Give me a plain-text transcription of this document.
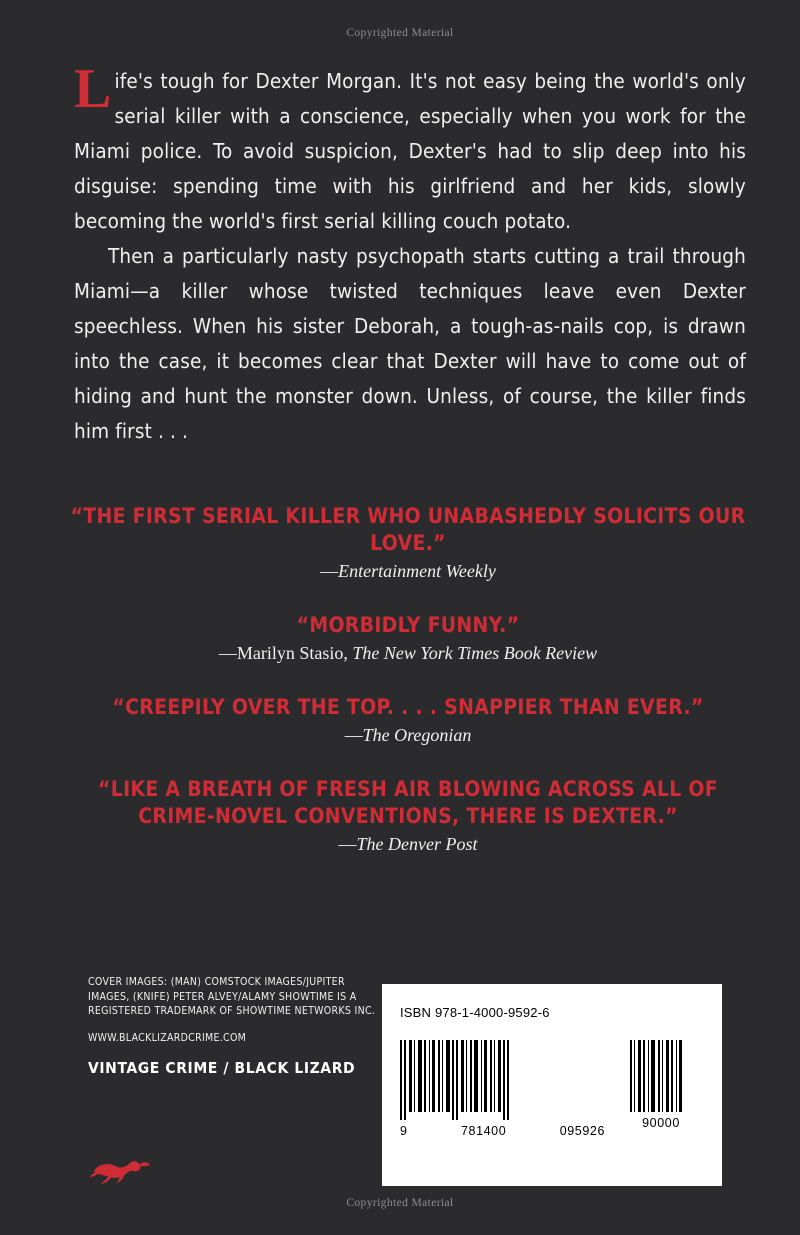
Copyrighted Material

Life's tough for Dexter Morgan. It's not easy being the world's only serial killer with a conscience, especially when you work for the Miami police. To avoid suspicion, Dexter's had to slip deep into his disguise: spending time with his girlfriend and her kids, slowly becoming the world's first serial killing couch potato.

Then a particularly nasty psychopath starts cutting a trail through Miami—a killer whose twisted techniques leave even Dexter speechless. When his sister Deborah, a tough-as-nails cop, is drawn into the case, it becomes clear that Dexter will have to come out of hiding and hunt the monster down. Unless, of course, the killer finds him first . . .

“THE FIRST SERIAL KILLER WHO UNABASHEDLY SOLICITS OUR LOVE.”

—Entertainment Weekly

“MORBIDLY FUNNY.”

—Marilyn Stasio, The New York Times Book Review

“CREEPILY OVER THE TOP. . . . SNAPPIER THAN EVER.”

—The Oregonian

“LIKE A BREATH OF FRESH AIR BLOWING ACROSS ALL OF CRIME-NOVEL CONVENTIONS, THERE IS DEXTER.”

—The Denver Post

COVER IMAGES: (MAN) COMSTOCK IMAGES/JUPITER IMAGES, (KNIFE) PETER ALVEY/ALAMY SHOWTIME IS A REGISTERED TRADEMARK OF SHOWTIME NETWORKS INC.

WWW.BLACKLIZARDCRIME.COM

VINTAGE CRIME / BLACK LIZARD

ISBN 978-1-4000-9592-6
9	781400	095926
90000
Copyrighted Material
